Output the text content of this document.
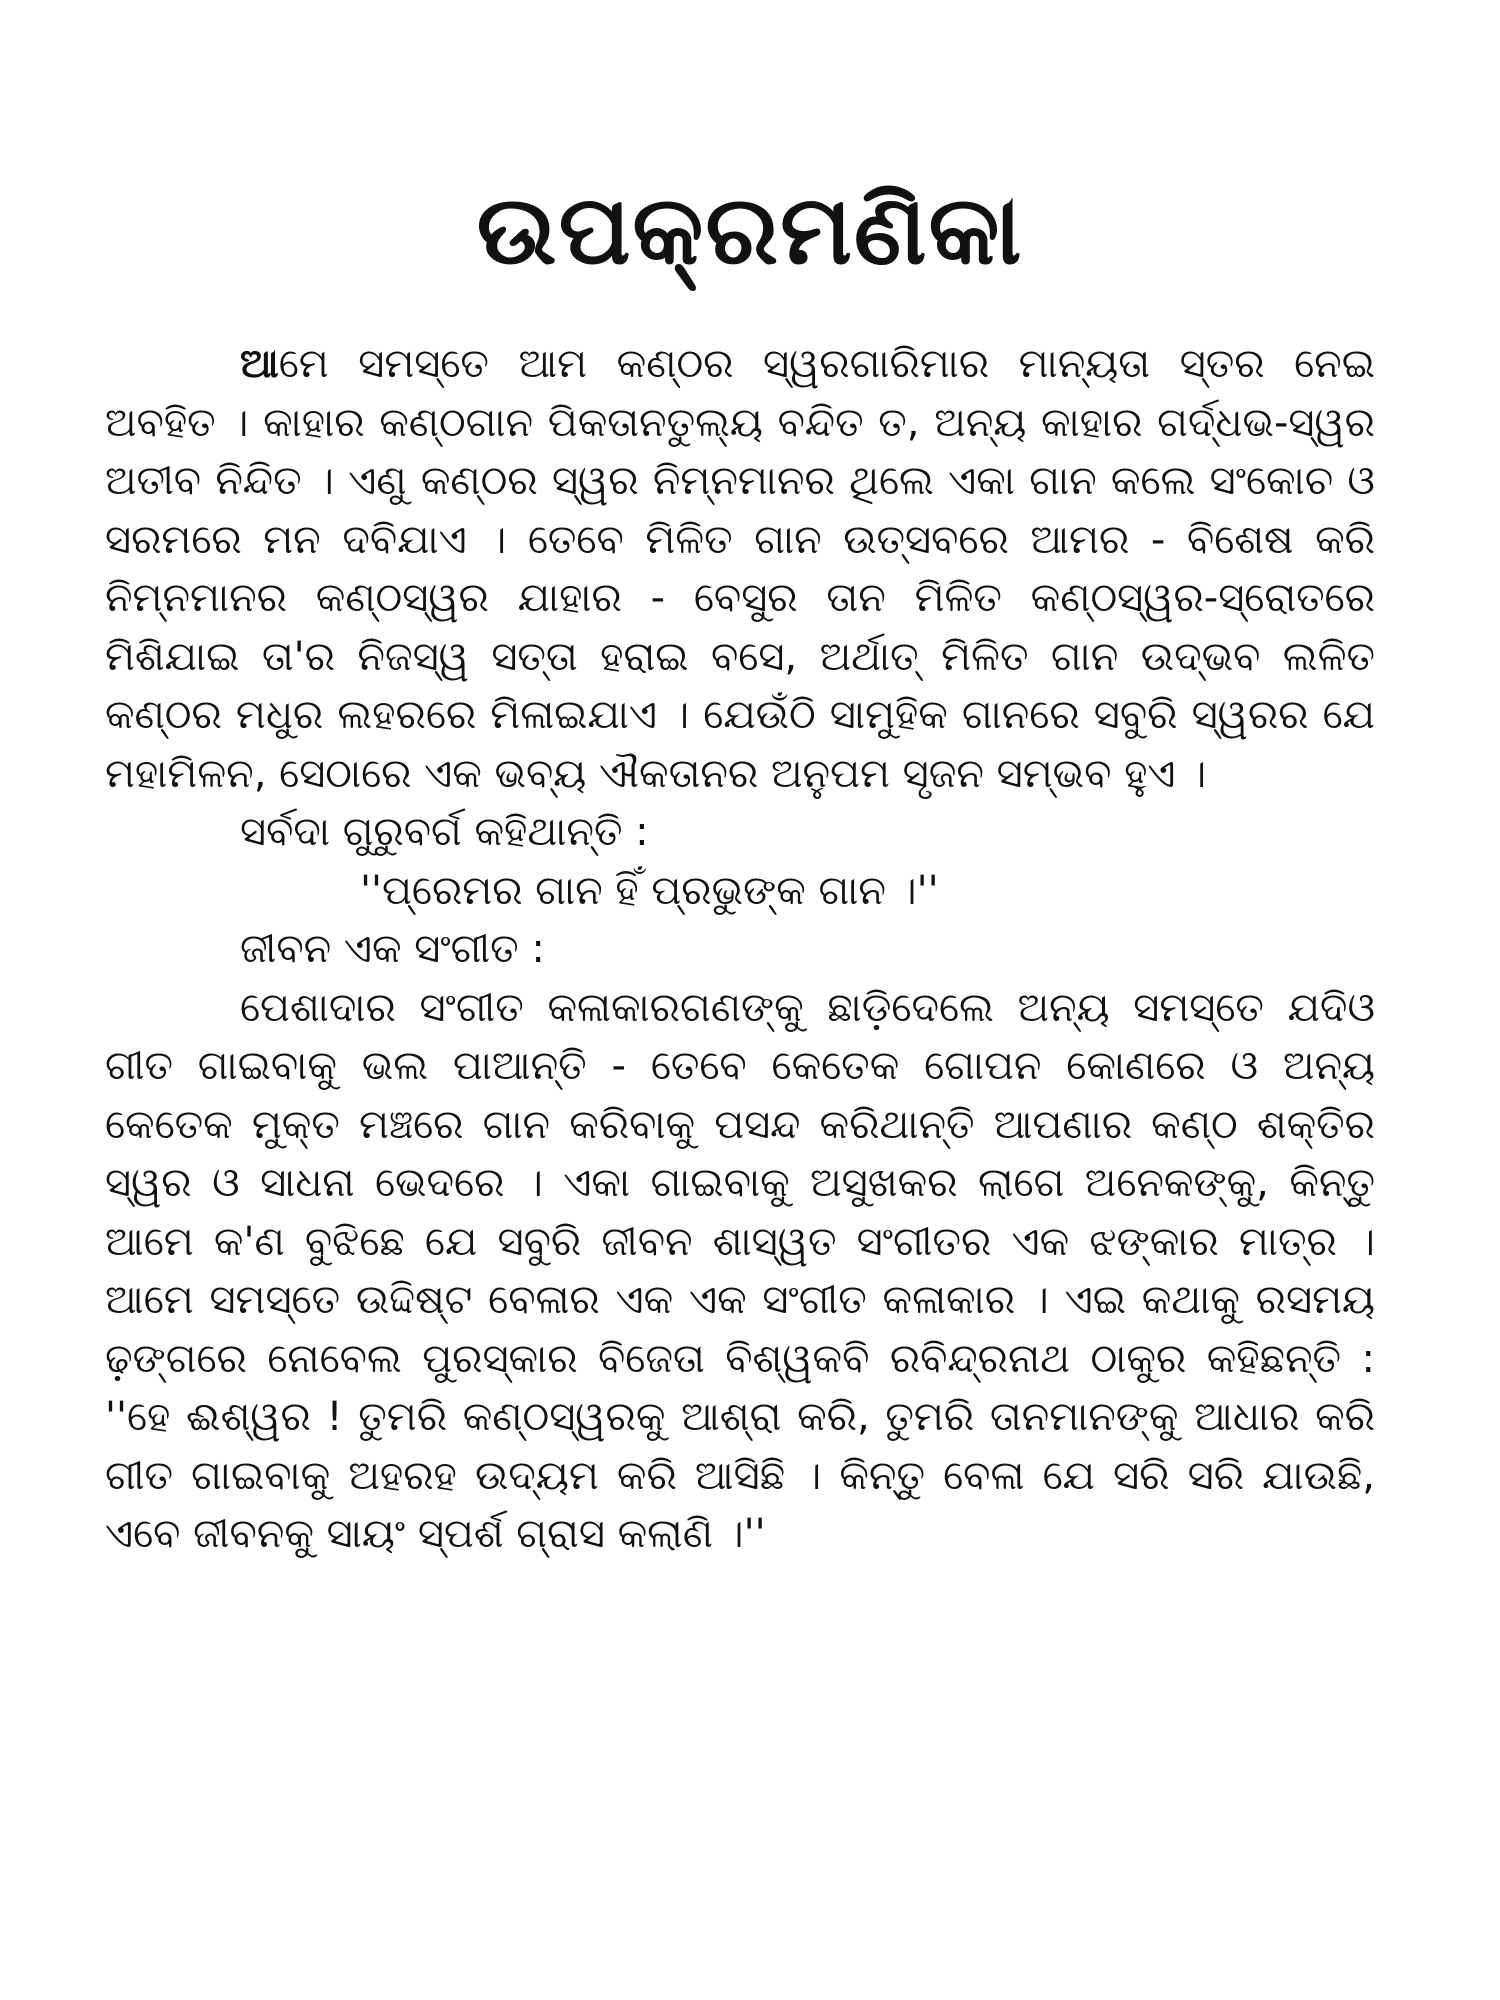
ଉପକ୍ରମଣିକା

ଆମେ ସମସ୍ତେ ଆମ କଣ୍ଠର ସ୍ୱରଗାରିମାର ମାନ୍ୟତା ସ୍ତର ନେଇ ଅବହିତ । କାହାର କଣ୍ଠଗାନ ପିକତାନତୁଲ୍ୟ ବନ୍ଦିତ ତ, ଅନ୍ୟ କାହାର ଗର୍ଦ୍ଧଭ-ସ୍ୱର ଅତୀବ ନିନ୍ଦିତ । ଏଣୁ କଣ୍ଠର ସ୍ୱର ନିମ୍ନମାନର ଥିଲେ ଏକା ଗାନ କଲେ ସଂକୋଚ ଓ ସରମରେ ମନ ଦବିଯାଏ । ତେବେ ମିଳିତ ଗାନ ଉତ୍ସବରେ ଆମର - ବିଶେଷ କରି ନିମ୍ନମାନର କଣ୍ଠସ୍ୱର ଯାହାର - ବେସୁର ତାନ ମିଳିତ କଣ୍ଠସ୍ୱର-ସ୍ରୋତରେ ମିଶିଯାଇ ତା'ର ନିଜସ୍ୱ ସତ୍ତା ହରାଇ ବସେ, ଅର୍ଥାତ୍ ମିଳିତ ଗାନ ଉଦ୍ଭବ ଲଳିତ କଣ୍ଠର ମଧୁର ଲହରରେ ମିଳାଇଯାଏ । ଯେଉଁଠି ସାମୁହିକ ଗାନରେ ସବୁରି ସ୍ୱରର ଯେ ମହାମିଳନ, ସେଠାରେ ଏକ ଭବ୍ୟ ଐକତାନର ଅନୁପମ ସୃଜନ ସମ୍ଭବ ହୁଏ ।

ସର୍ବଦା ଗୁରୁବର୍ଗ କହିଥାନ୍ତି :

''ପ୍ରେମର ଗାନ ହିଁ ପ୍ରଭୁଙ୍କ ଗାନ ।''

ଜୀବନ ଏକ ସଂଗୀତ :

ପେଶାଦାର ସଂଗୀତ କଳାକାରଗଣଙ୍କୁ ଛାଡ଼ିଦେଲେ ଅନ୍ୟ ସମସ୍ତେ ଯଦିଓ ଗୀତ ଗାଇବାକୁ ଭଲ ପାଆନ୍ତି - ତେବେ କେତେକ ଗୋପନ କୋଣରେ ଓ ଅନ୍ୟ କେତେକ ମୁକ୍ତ ମଞ୍ଚରେ ଗାନ କରିବାକୁ ପସନ୍ଦ କରିଥାନ୍ତି ଆପଣାର କଣ୍ଠ ଶକ୍ତିର ସ୍ୱର ଓ ସାଧନା ଭେଦରେ । ଏକା ଗାଇବାକୁ ଅସୁଖକର ଲାଗେ ଅନେକଙ୍କୁ, କିନ୍ତୁ ଆମେ କ'ଣ ବୁଝିଛେ ଯେ ସବୁରି ଜୀବନ ଶାସ୍ୱତ ସଂଗୀତର ଏକ ଝଙ୍କାର ମାତ୍ର । ଆମେ ସମସ୍ତେ ଉଦ୍ଦିଷ୍ଟ ବେଳାର ଏକ ଏକ ସଂଗୀତ କଳାକାର । ଏଇ କଥାକୁ ରସମୟ ଢ଼ଙ୍ଗରେ ନୋବେଲ ପୁରସ୍କାର ବିଜେତା ବିଶ୍ୱକବି ରବିନ୍ଦ୍ରନାଥ ଠାକୁର କହିଛନ୍ତି : ''ହେ ଈଶ୍ୱର ! ତୁମରି କଣ୍ଠସ୍ୱରକୁ ଆଶ୍ରା କରି, ତୁମରି ତାନମାନଙ୍କୁ ଆଧାର କରି ଗୀତ ଗାଇବାକୁ ଅହରହ ଉଦ୍ୟମ କରି ଆସିଛି । କିନ୍ତୁ ବେଳା ଯେ ସରି ସରି ଯାଉଛି, ଏବେ ଜୀବନକୁ ସାୟଂ ସ୍ପର୍ଶ ଗ୍ରାସ କଲାଣି ।''
